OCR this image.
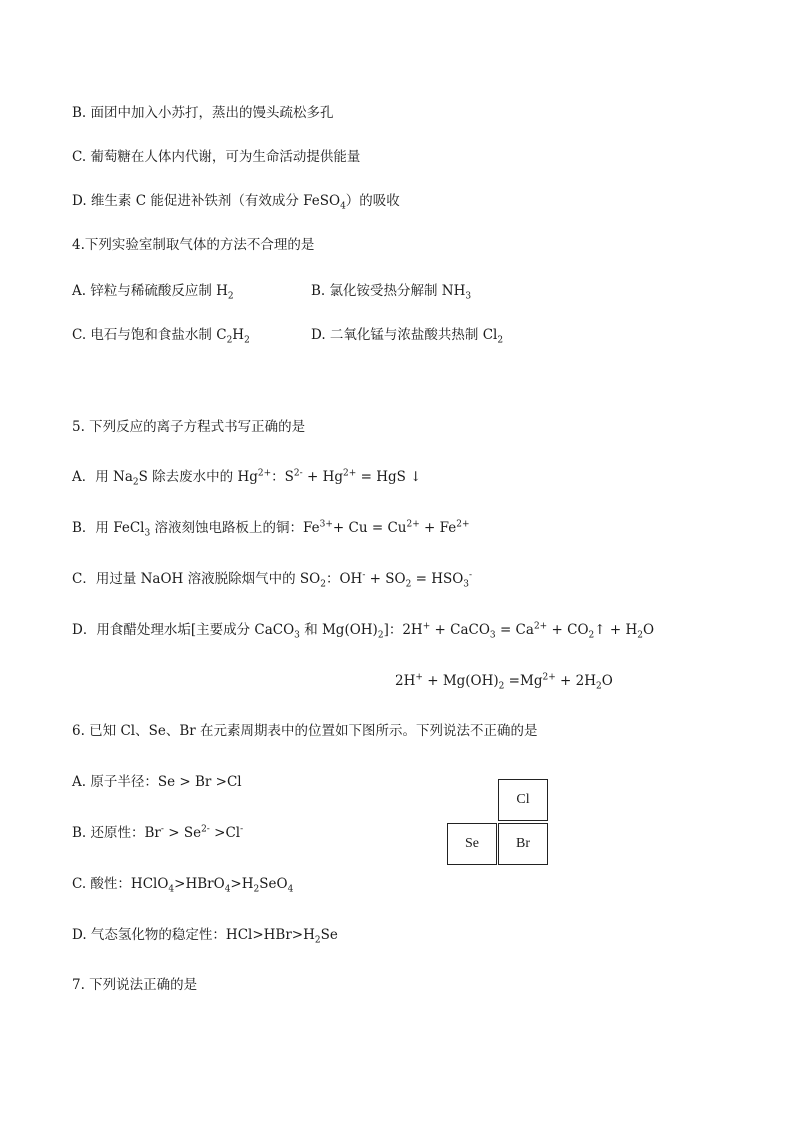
B. 面团中加入小苏打，蒸出的馒头疏松多孔
C. 葡萄糖在人体内代谢，可为生命活动提供能量
D. 维生素 C 能促进补铁剂（有效成分 FeSO$_4$）的吸收
4.下列实验室制取气体的方法不合理的是
A. 锌粒与稀硫酸反应制 $H_2$	B. 氯化铵受热分解制 $NH_3$
C. 电石与饱和食盐水制 $C_2H_2$	D. 二氧化锰与浓盐酸共热制 $Cl_2$
5. 下列反应的离子方程式书写正确的是
A．用 $Na_2S$ 除去废水中的 $Hg^{2+}$：$S^{2-} + Hg^{2+}$ = HgS ↓
B．用 FeCl$_3$ 溶液刻蚀电路板上的铜：$Fe^{3+}+ Cu = Cu^{2+} + Fe^{2+}$
C．用过量 NaOH 溶液脱除烟气中的 $SO_2$：$OH^- + SO_2 = HSO_3^-$
D．用食醋处理水垢[主要成分 CaCO$_3$ 和 $Mg(OH)_2$]：2H+ + CaCO$_3$ = $Ca^{2+}$ + $CO_2↑ + H_2O$
$2H^+ + Mg(OH)_2 =Mg^{2+} + 2H_2O$
6. 已知 Cl、Se、Br 在元素周期表中的位置如下图所示。下列说法不正确的是
A. 原子半径：Se > Br >Cl
B. 还原性：$Br^- > Se^{2-} >Cl^-$
C. 酸性：$HClO_4>HBrO_4>H_2SeO_4$
D. 气态氢化物的稳定性：$HCl>HBr>H_2Se$
Cl
Se	Br
7. 下列说法正确的是
